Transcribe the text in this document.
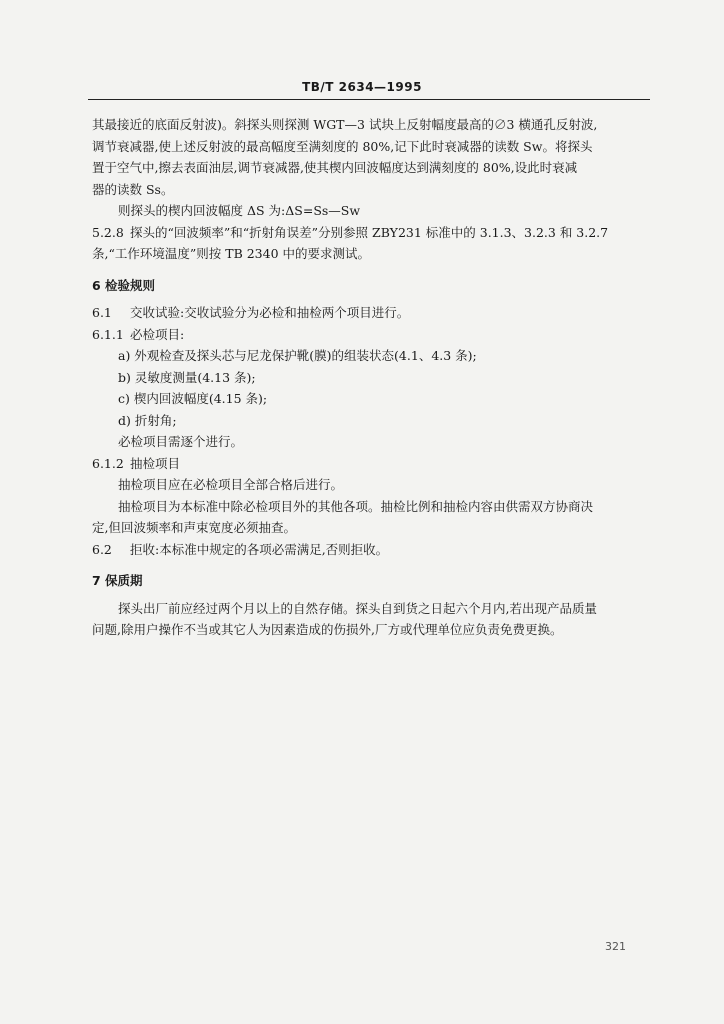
TB/T 2634—1995

其最接近的底面反射波)。斜探头则探测 WGT—3 试块上反射幅度最高的∅3 横通孔反射波,

调节衰减器,使上述反射波的最高幅度至满刻度的 80%,记下此时衰减器的读数 Sw。将探头

置于空气中,擦去表面油层,调节衰减器,使其楔内回波幅度达到满刻度的 80%,设此时衰减

器的读数 Ss。

则探头的楔内回波幅度 ΔS 为:ΔS=Ss—Sw

5.2.8 探头的“回波频率”和“折射角误差”分别参照 ZBY231 标准中的 3.1.3、3.2.3 和 3.2.7

条,“工作环境温度”则按 TB 2340 中的要求测试。

6 检验规则

6.1 交收试验:交收试验分为必检和抽检两个项目进行。

6.1.1 必检项目:

a) 外观检查及探头芯与尼龙保护靴(膜)的组装状态(4.1、4.3 条);

b) 灵敏度测量(4.13 条);

c) 楔内回波幅度(4.15 条);

d) 折射角;

必检项目需逐个进行。

6.1.2 抽检项目

抽检项目应在必检项目全部合格后进行。

抽检项目为本标准中除必检项目外的其他各项。抽检比例和抽检内容由供需双方协商决

定,但回波频率和声束宽度必须抽查。

6.2 拒收:本标准中规定的各项必需满足,否则拒收。

7 保质期

探头出厂前应经过两个月以上的自然存储。探头自到货之日起六个月内,若出现产品质量

问题,除用户操作不当或其它人为因素造成的伤损外,厂方或代理单位应负责免费更换。

321
